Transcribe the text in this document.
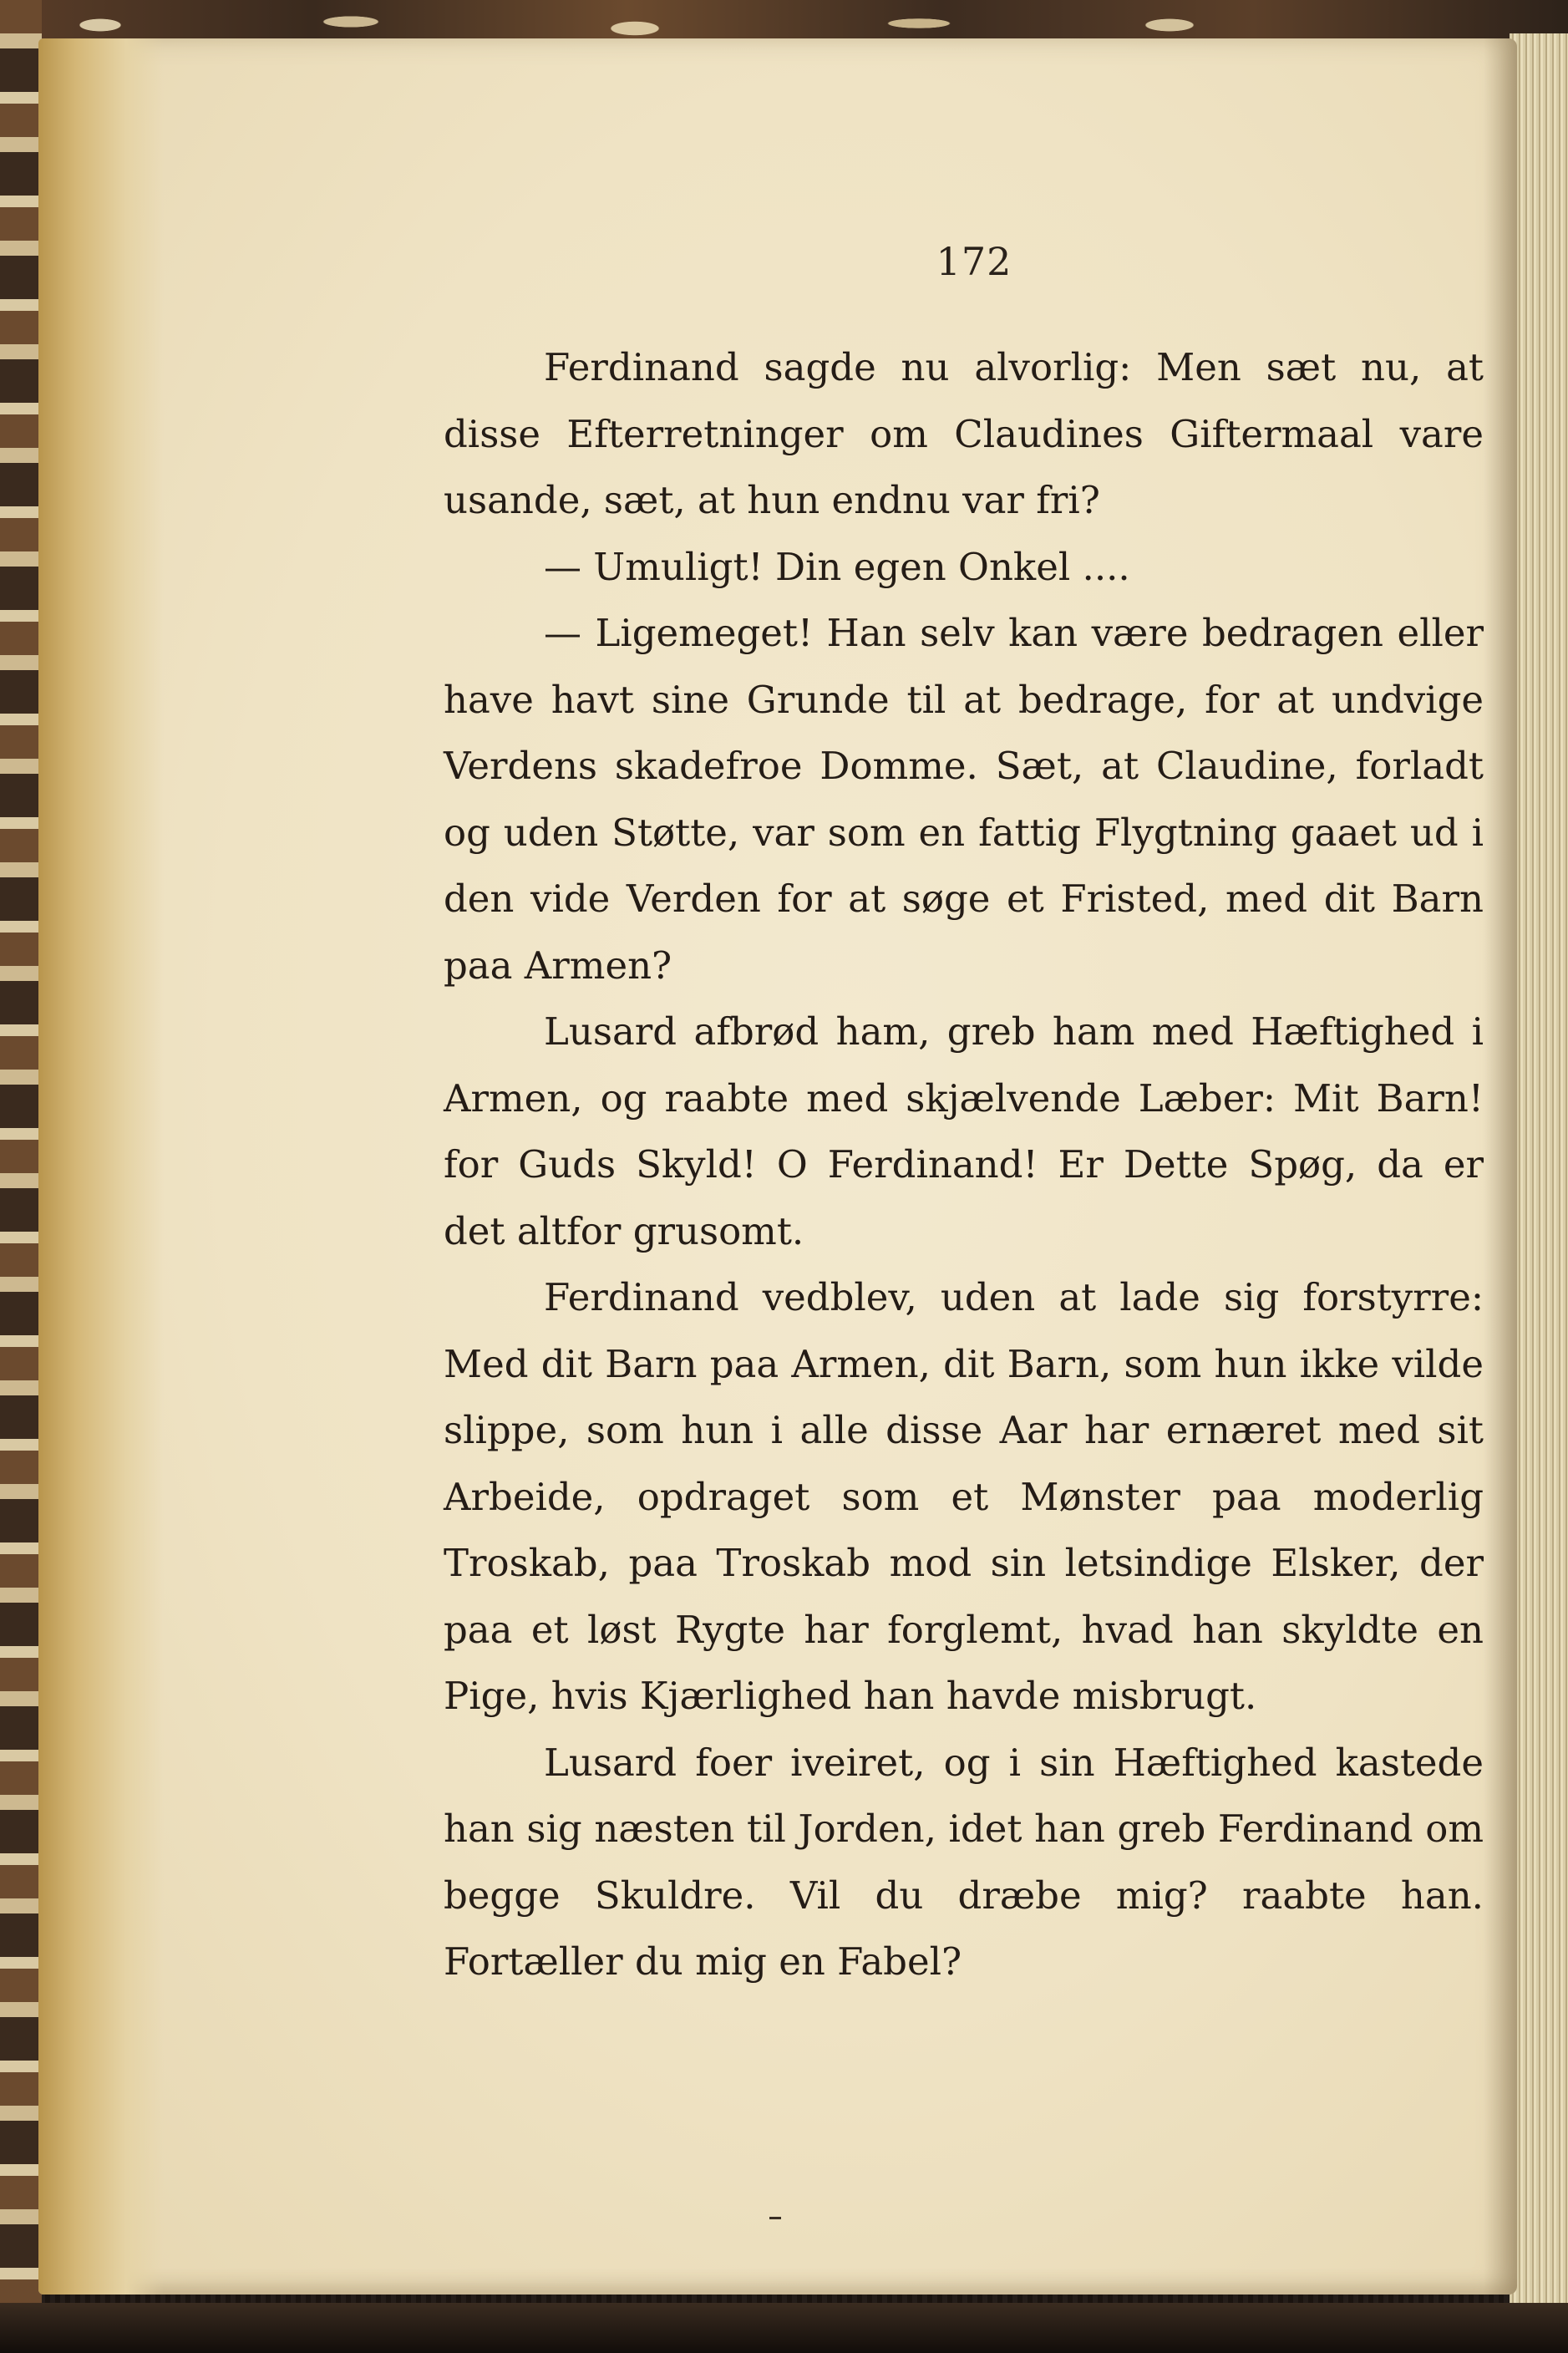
172

Ferdinand sagde nu alvorlig: Men sæt nu, at disse Efterretninger om Claudines Giftermaal vare usande, sæt, at hun endnu var fri?

— Umuligt! Din egen Onkel ....

— Ligemeget! Han selv kan være bedragen eller have havt sine Grunde til at bedrage, for at undvige Verdens skadefroe Domme. Sæt, at Claudine, forladt og uden Støtte, var som en fattig Flygtning gaaet ud i den vide Verden for at søge et Fristed, med dit Barn paa Armen?

Lusard afbrød ham, greb ham med Hæftighed i Armen, og raabte med skjælvende Læber: Mit Barn! for Guds Skyld! O Ferdinand! Er Dette Spøg, da er det altfor grusomt.

Ferdinand vedblev, uden at lade sig forstyrre: Med dit Barn paa Armen, dit Barn, som hun ikke vilde slippe, som hun i alle disse Aar har ernæret med sit Arbeide, opdraget som et Mønster paa moderlig Troskab, paa Troskab mod sin letsindige Elsker, der paa et løst Rygte har forglemt, hvad han skyldte en Pige, hvis Kjærlighed han havde misbrugt.

Lusard foer iveiret, og i sin Hæftighed kastede han sig næsten til Jorden, idet han greb Ferdinand om begge Skuldre. Vil du dræbe mig? raabte han. Fortæller du mig en Fabel?
